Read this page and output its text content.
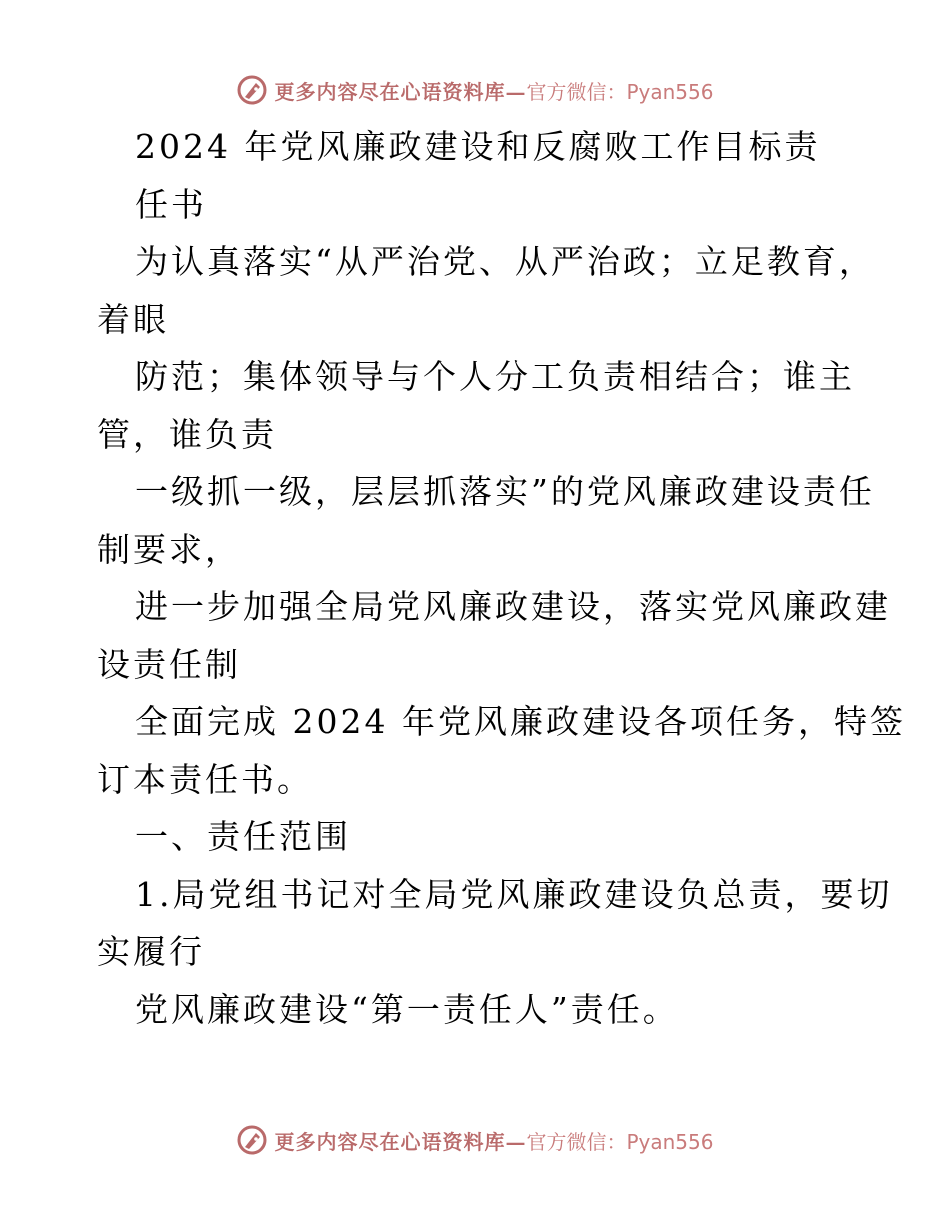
更多内容尽在心语资料库—官方微信：Pyan556
2024 年党风廉政建设和反腐败工作目标责
任书
为认真落实“从严治党、从严治政；立足教育，
着眼
防范；集体领导与个人分工负责相结合；谁主
管，谁负责
一级抓一级，层层抓落实”的党风廉政建设责任
制要求，
进一步加强全局党风廉政建设，落实党风廉政建
设责任制
全面完成 2024 年党风廉政建设各项任务，特签
订本责任书。
一、责任范围
1.局党组书记对全局党风廉政建设负总责，要切
实履行
党风廉政建设“第一责任人”责任。
更多内容尽在心语资料库—官方微信：Pyan556
